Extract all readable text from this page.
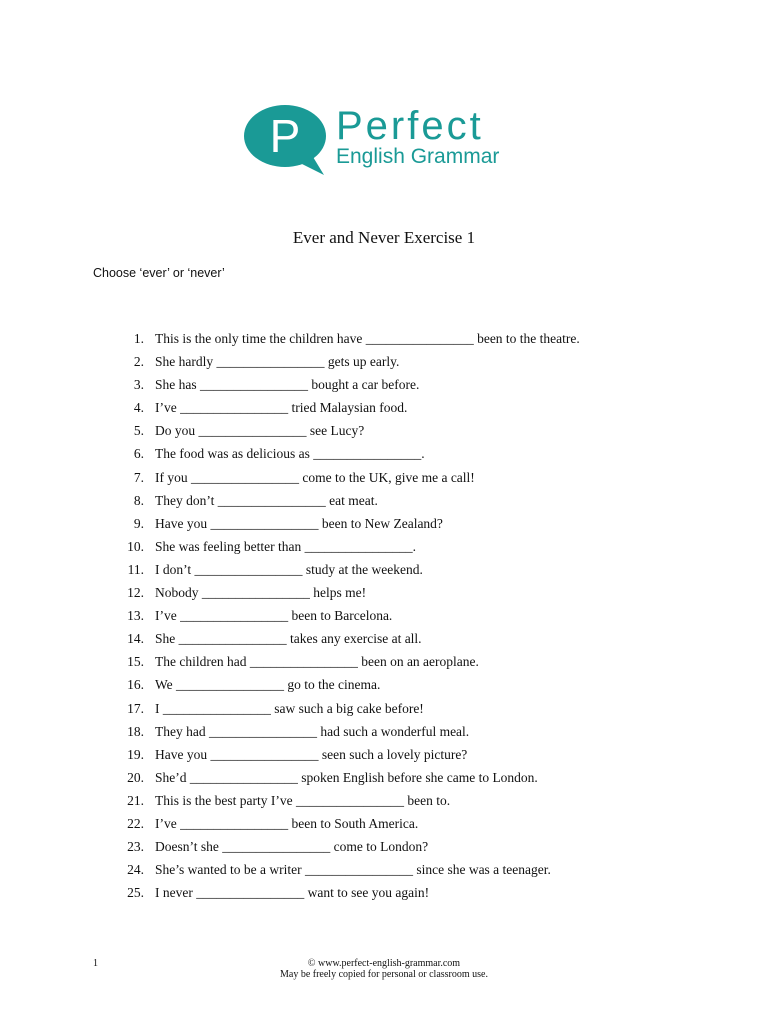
P Perfect
English Grammar
Ever and Never Exercise 1
Choose ‘ever’ or ‘never’
1. This is the only time the children have ________________ been to the theatre.
2. She hardly ________________ gets up early.
3. She has ________________ bought a car before.
4. I’ve ________________ tried Malaysian food.
5. Do you ________________ see Lucy?
6. The food was as delicious as ________________.
7. If you ________________ come to the UK, give me a call!
8. They don’t ________________ eat meat.
9. Have you ________________ been to New Zealand?
10. She was feeling better than ________________.
11. I don’t ________________ study at the weekend.
12. Nobody ________________ helps me!
13. I’ve ________________ been to Barcelona.
14. She ________________ takes any exercise at all.
15. The children had ________________ been on an aeroplane.
16. We ________________ go to the cinema.
17. I ________________ saw such a big cake before!
18. They had ________________ had such a wonderful meal.
19. Have you ________________ seen such a lovely picture?
20. She’d ________________ spoken English before she came to London.
21. This is the best party I’ve ________________ been to.
22. I’ve ________________ been to South America.
23. Doesn’t she ________________ come to London?
24. She’s wanted to be a writer ________________ since she was a teenager.
25. I never ________________ want to see you again!
1	© www.perfect-english-grammar.com
May be freely copied for personal or classroom use.
